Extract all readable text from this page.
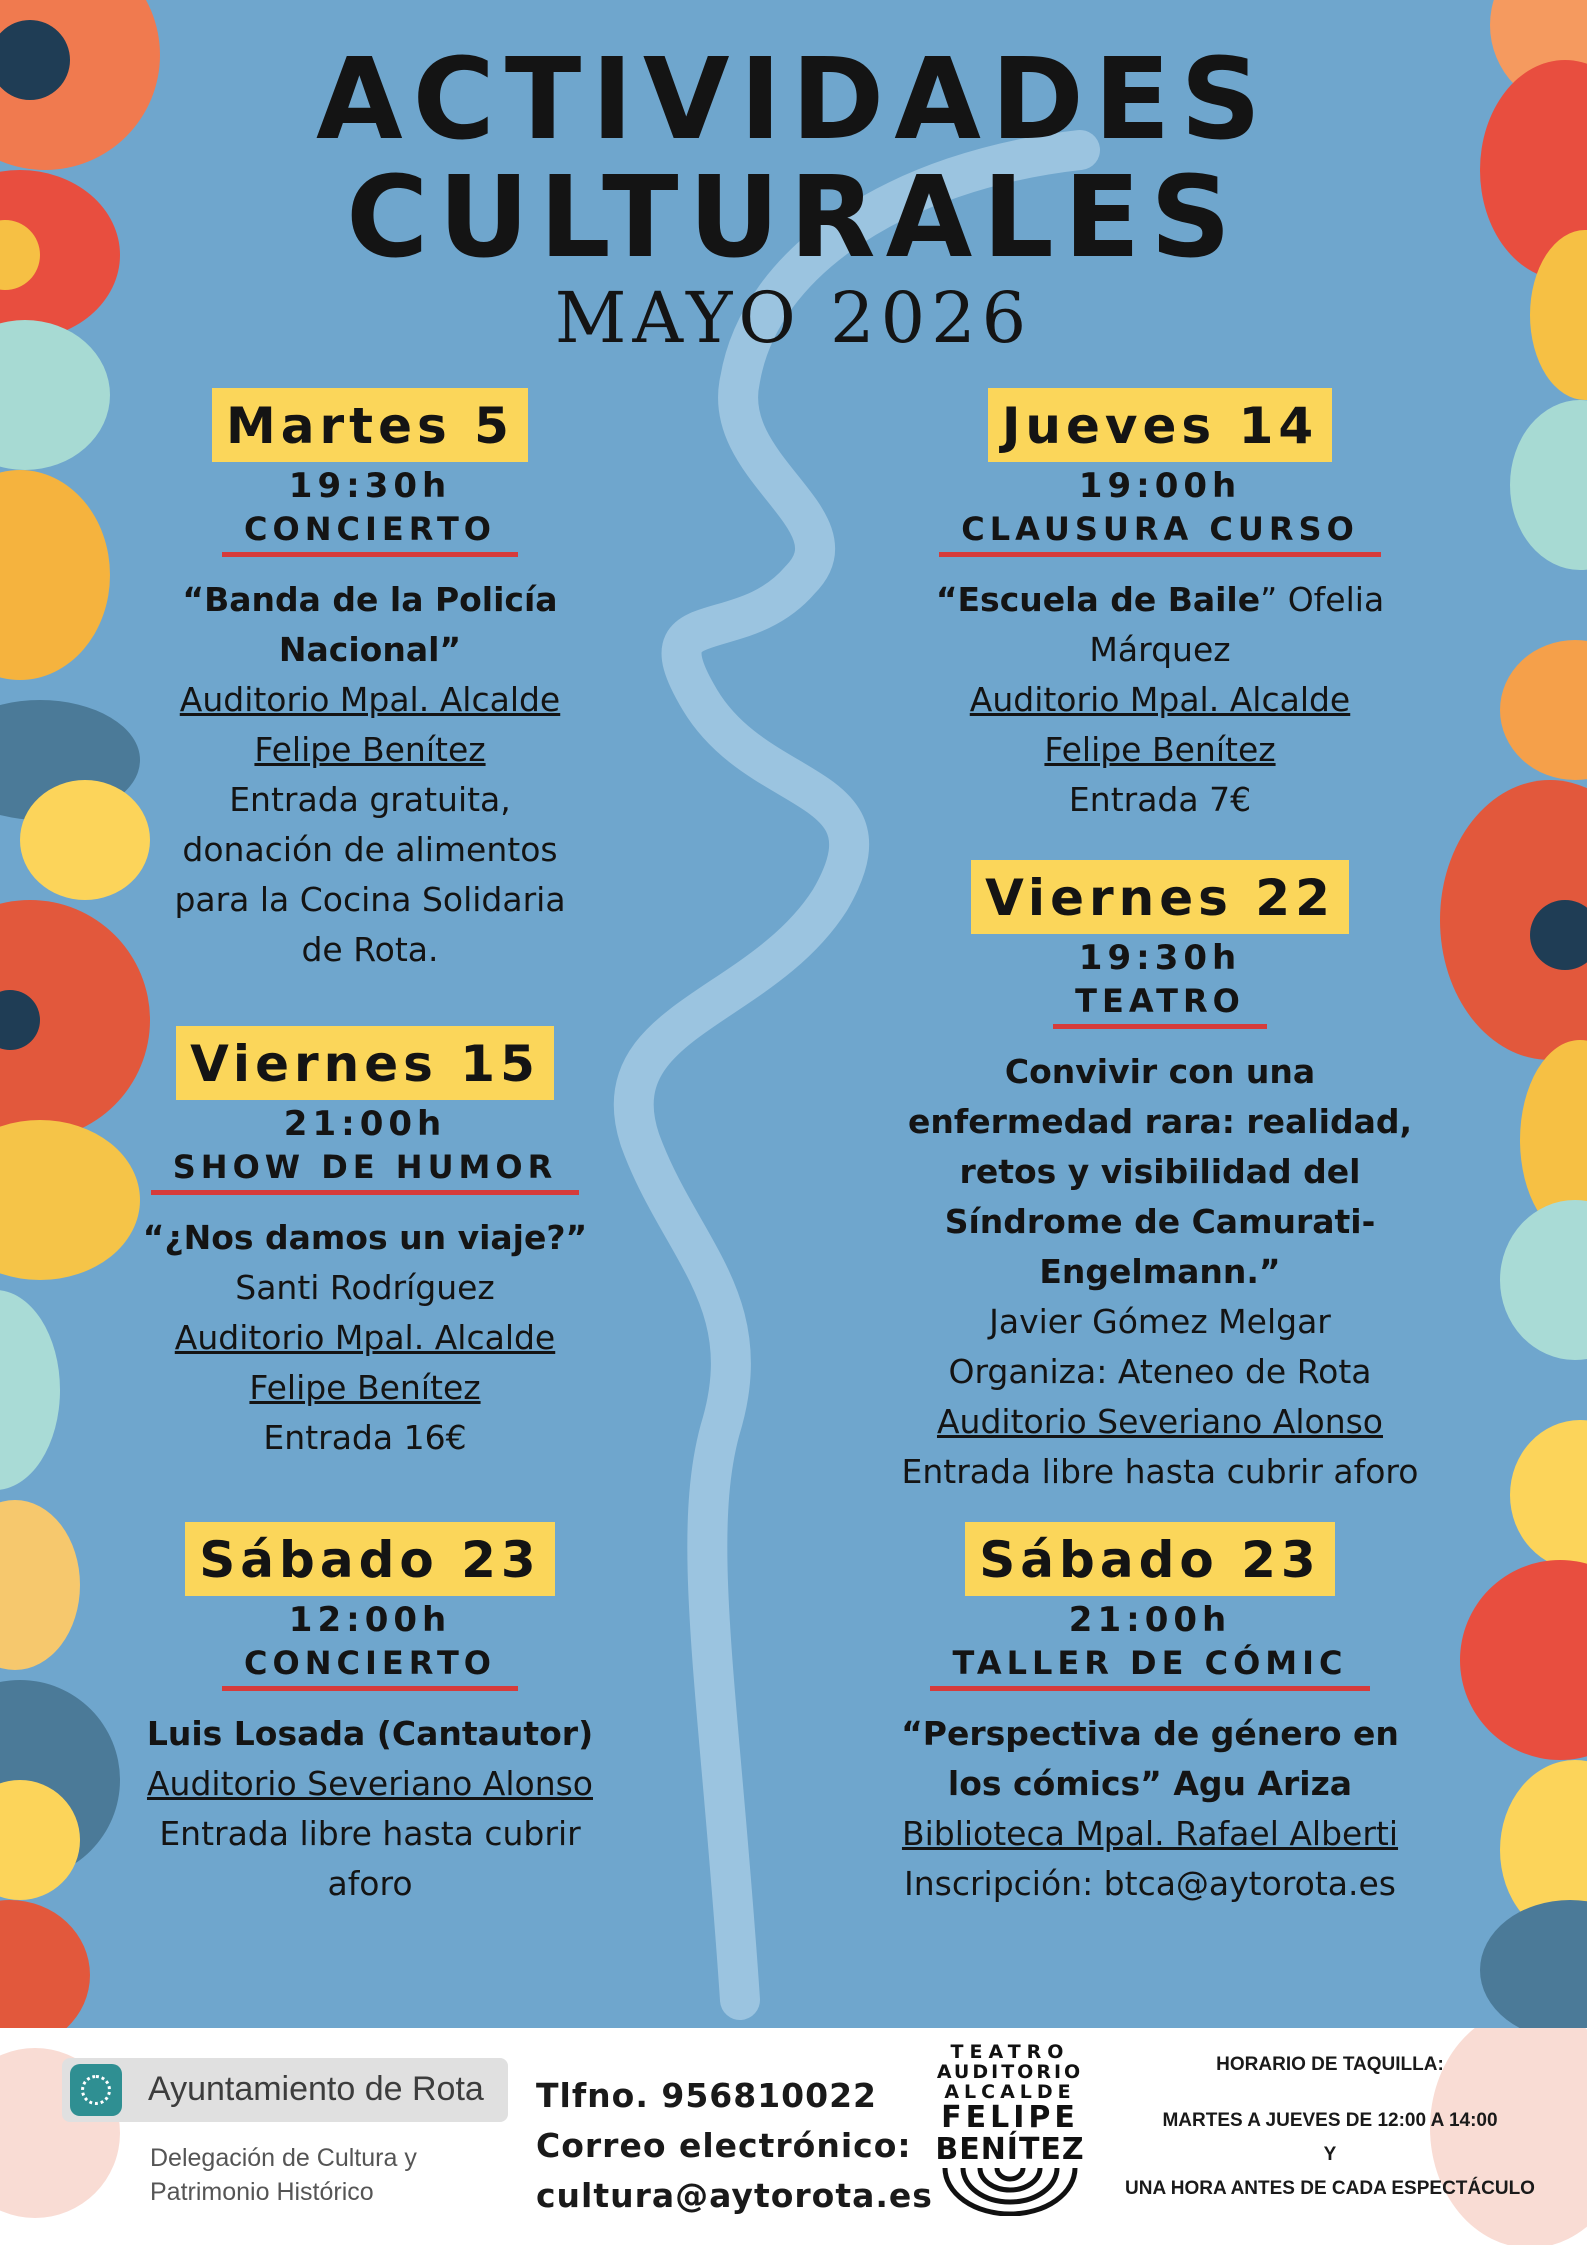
ACTIVIDADES
CULTURALES
MAYO 2026
Martes 5
19:30h
CONCIERTO
“Banda de la Policía
Nacional”
Auditorio Mpal. Alcalde
Felipe Benítez
Entrada gratuita,
donación de alimentos
para la Cocina Solidaria
de Rota.
Viernes 15
21:00h
SHOW DE HUMOR
“¿Nos damos un viaje?”
Santi Rodríguez
Auditorio Mpal. Alcalde
Felipe Benítez
Entrada 16€
Sábado 23
12:00h
CONCIERTO
Luis Losada (Cantautor)
Auditorio Severiano Alonso
Entrada libre hasta cubrir
aforo
Jueves 14
19:00h
CLAUSURA CURSO
“Escuela de Baile” Ofelia
Márquez
Auditorio Mpal. Alcalde
Felipe Benítez
Entrada 7€
Viernes 22
19:30h
TEATRO
Convivir con una
enfermedad rara: realidad,
retos y visibilidad del
Síndrome de Camurati-
Engelmann.”
Javier Gómez Melgar
Organiza: Ateneo de Rota
Auditorio Severiano Alonso
Entrada libre hasta cubrir aforo
Sábado 23
21:00h
TALLER DE CÓMIC
“Perspectiva de género en
los cómics” Agu Ariza
Biblioteca Mpal. Rafael Alberti
Inscripción: btca@aytorota.es
Ayuntamiento de Rota
Delegación de Cultura y
Patrimonio Histórico
Tlfno. 956810022
Correo electrónico:
cultura@aytorota.es
TEATRO
AUDITORIO
ALCALDE
FELIPE
BENÍTEZ
HORARIO DE TAQUILLA:
MARTES A JUEVES DE 12:00 A 14:00
Y
UNA HORA ANTES DE CADA ESPECTÁCULO
